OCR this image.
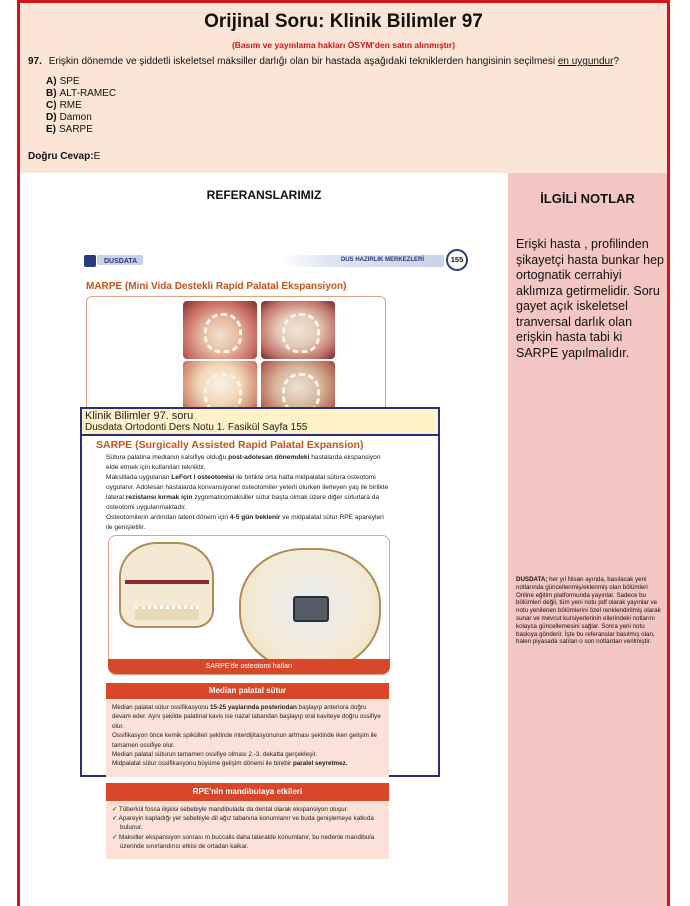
Orijinal Soru: Klinik Bilimler 97
(Basım ve yayınlama hakları ÖSYM'den satın alınmıştır)
97. Erişkin dönemde ve şiddetli iskeletsel maksiller darlığı olan bir hastada aşağıdaki tekniklerden hangisinin seçilmesi en uygundur?
A) SPE
B) ALT-RAMEC
C) RME
D) Damon
E) SARPE
Doğru Cevap:E
REFERANSLARIMIZ
DUSDATA	DUS HAZIRLIK MERKEZLERİ	155
MARPE (Mini Vida Destekli Rapid Palatal Ekspansiyon)
Klinik Bilimler 97. soru
Dusdata Ortodonti Ders Notu 1. Fasikül Sayfa 155
SARPE (Surgically Assisted Rapid Palatal Expansion)
Sütura palatina medianın kalsifiye olduğu post-adolesan dönemdeki hastalarda ekspansiyon elde etmek için kullanılan tekniktir.
Maksillada uygulanan LeFort I osteotomisi ile birlikte orta hatta midpalatal sütura osteotomi uygulanır. Adolesan hastalarda konvansiyonel osteotomiler yeterli olurken ilerleyen yaş ile birlikte lateral rezistansı kırmak için zygomaticomaksiller sütur başta olmak üzere diğer süturlara da osteotomi uygulanmaktadır.
Osteotomilerin ardından latent dönem için 4-5 gün beklenir ve midpalatal sütur RPE apareyleri ile genişletilir.
SARPE'de osteotomi hatları
Median palatal sütur
Median palatal sütur ossifikasyonu 15-25 yaşlarında posteriodan başlayıp anteriora doğru devam eder. Aynı şekilde palatinal kavis ise nazal tabandan başlayıp oral kaviteye doğru ossifiye olur.
Ossifikasyon önce kemik spikülleri şeklinde interdijitasyonunun artması şeklinde iken gelişim ile tamamen ossifiye olur.
Median palatal süturun tamamen ossifiye olması 2.-3. dekatta gerçekleşir.
Midpalatal sütur ossifikasyonu büyüme gelişim dönemi ile birebir paralel seyretmez.
RPE'nin mandibulaya etkileri
✓ Tüberkül fossa ilişkisi sebebiyle mandibulada da dental olarak ekspansiyon oluşur.
✓ Apareyin kapladığı yer sebebiyle dil ağız tabanına konumlanır ve buda genişlemeye katkıda bulunur.
✓ Maksiller ekspansiyon sonrası m.buccalis daha lateralde konumlanır, bu nedenle mandibula üzerinde sınırlandırıcı etkisi de ortadan kalkar.
İLGİLİ NOTLAR
Erişki hasta , profilinden şikayetçi hasta bunkar hep ortognatik cerrahiyi aklımıza getirmelidir. Soru gayet açık iskeletsel tranversal darlık olan erişkin hasta tabi ki SARPE yapılmalıdır.
DUSDATA; her yıl Nisan ayında, basılacak yeni notlarında güncellenmiş/eklenmiş olan bölümleri Online eğitim platformunda yayınlar. Sadece bu bölümleri değil, tüm yeni notu pdf olarak yayınlar ve notu yenilenen bölümlerini özel renklendirilmiş olarak sunar ve mevcut kursiyerlerinin ellerindeki notlarını kolayca güncellemesini sağlar. Sonra yeni notu baskıya gönderir. İşte bu referanslar basılmış olan, halen piyasada satılan o son notlardan verilmiştir.
